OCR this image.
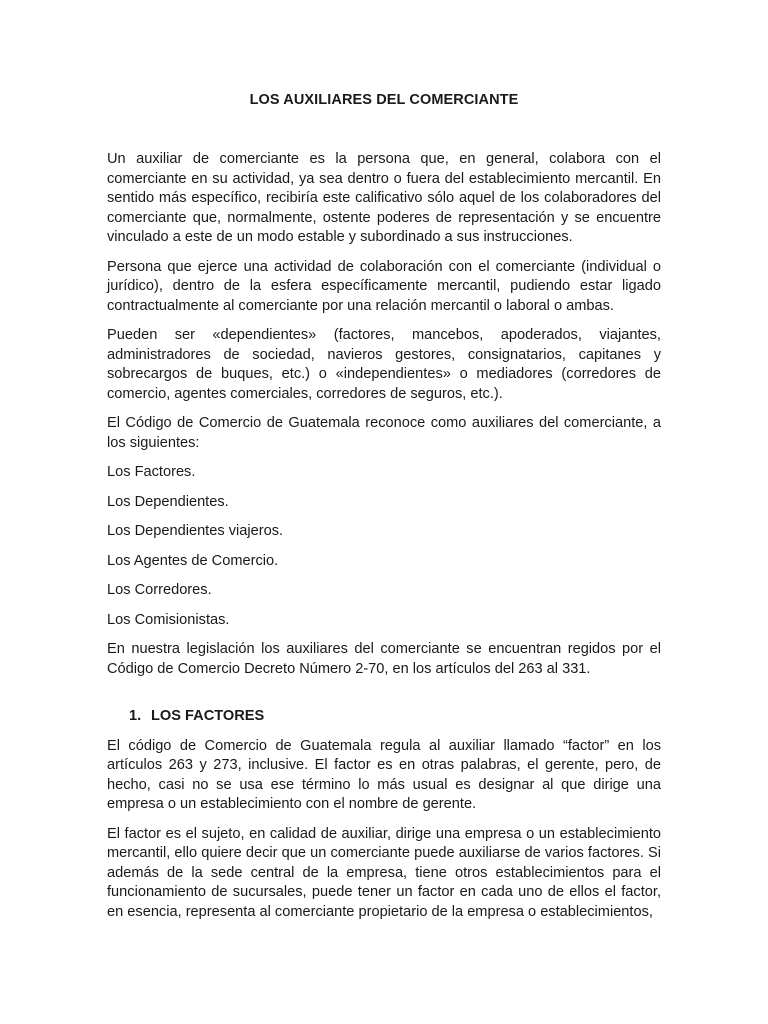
LOS AUXILIARES DEL COMERCIANTE

Un auxiliar de comerciante es la persona que, en general, colabora con el comerciante en su actividad, ya sea dentro o fuera del establecimiento mercantil. En sentido más específico, recibiría este calificativo sólo aquel de los colaboradores del comerciante que, normalmente, ostente poderes de representación y se encuentre vinculado a este de un modo estable y subordinado a sus instrucciones.

Persona que ejerce una actividad de colaboración con el comerciante (individual o jurídico), dentro de la esfera específicamente mercantil, pudiendo estar ligado contractualmente al comerciante por una relación mercantil o laboral o ambas.

Pueden ser «dependientes» (factores, mancebos, apoderados, viajantes, administradores de sociedad, navieros gestores, consignatarios, capitanes y sobrecargos de buques, etc.) o «independientes» o mediadores (corredores de comercio, agentes comerciales, corredores de seguros, etc.).

El Código de Comercio de Guatemala reconoce como auxiliares del comerciante, a los siguientes:

Los Factores.

Los Dependientes.

Los Dependientes viajeros.

Los Agentes de Comercio.

Los Corredores.

Los Comisionistas.

En nuestra legislación los auxiliares del comerciante se encuentran regidos por el Código de Comercio Decreto Número 2-70, en los artículos del 263 al 331.

1. LOS FACTORES

El código de Comercio de Guatemala regula al auxiliar llamado “factor” en los artículos 263 y 273, inclusive. El factor es en otras palabras, el gerente, pero, de hecho, casi no se usa ese término lo más usual es designar al que dirige una empresa o un establecimiento con el nombre de gerente.

El factor es el sujeto, en calidad de auxiliar, dirige una empresa o un establecimiento mercantil, ello quiere decir que un comerciante puede auxiliarse de varios factores. Si además de la sede central de la empresa, tiene otros establecimientos para el funcionamiento de sucursales, puede tener un factor en cada uno de ellos el factor, en esencia, representa al comerciante propietario de la empresa o establecimientos,
